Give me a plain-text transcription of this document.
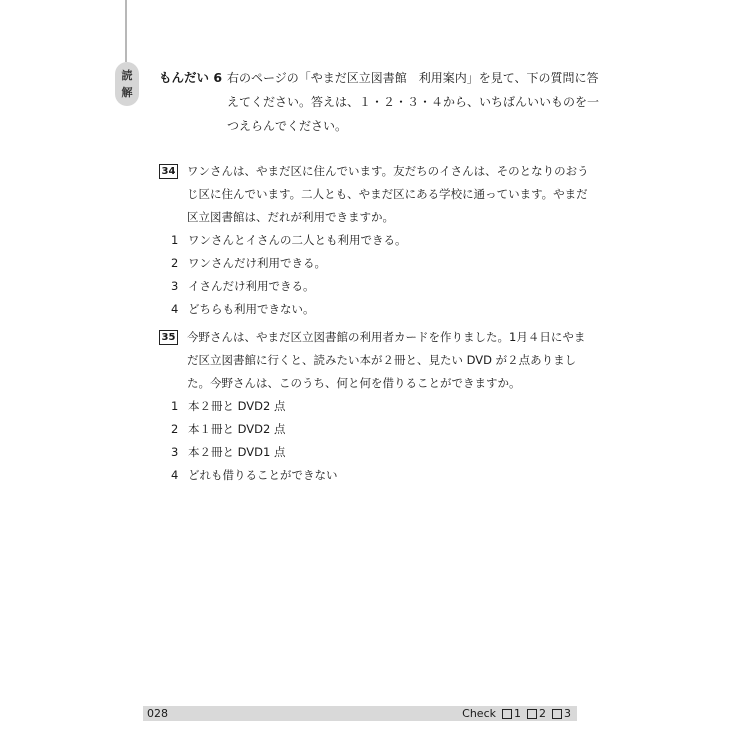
読
解
もんだい 6 右のページの「やまだ区立図書館　利用案内」を見て、下の質問に答えてください。答えは、１・２・３・４から、いちばんいいものを一つえらんでください。
34 ワンさんは、やまだ区に住んでいます。友だちのイさんは、そのとなりのおうじ区に住んでいます。二人とも、やまだ区にある学校に通っています。やまだ区立図書館は、だれが利用できますか。
1 ワンさんとイさんの二人とも利用できる。
2 ワンさんだけ利用できる。
3 イさんだけ利用できる。
4 どちらも利用できない。
35 今野さんは、やまだ区立図書館の利用者カードを作りました。1月４日にやまだ区立図書館に行くと、読みたい本が２冊と、見たい DVD が２点ありました。今野さんは、このうち、何と何を借りることができますか。
1 本２冊と DVD2 点
2 本１冊と DVD2 点
3 本２冊と DVD1 点
4 どれも借りることができない
028	Check 1 2 3
